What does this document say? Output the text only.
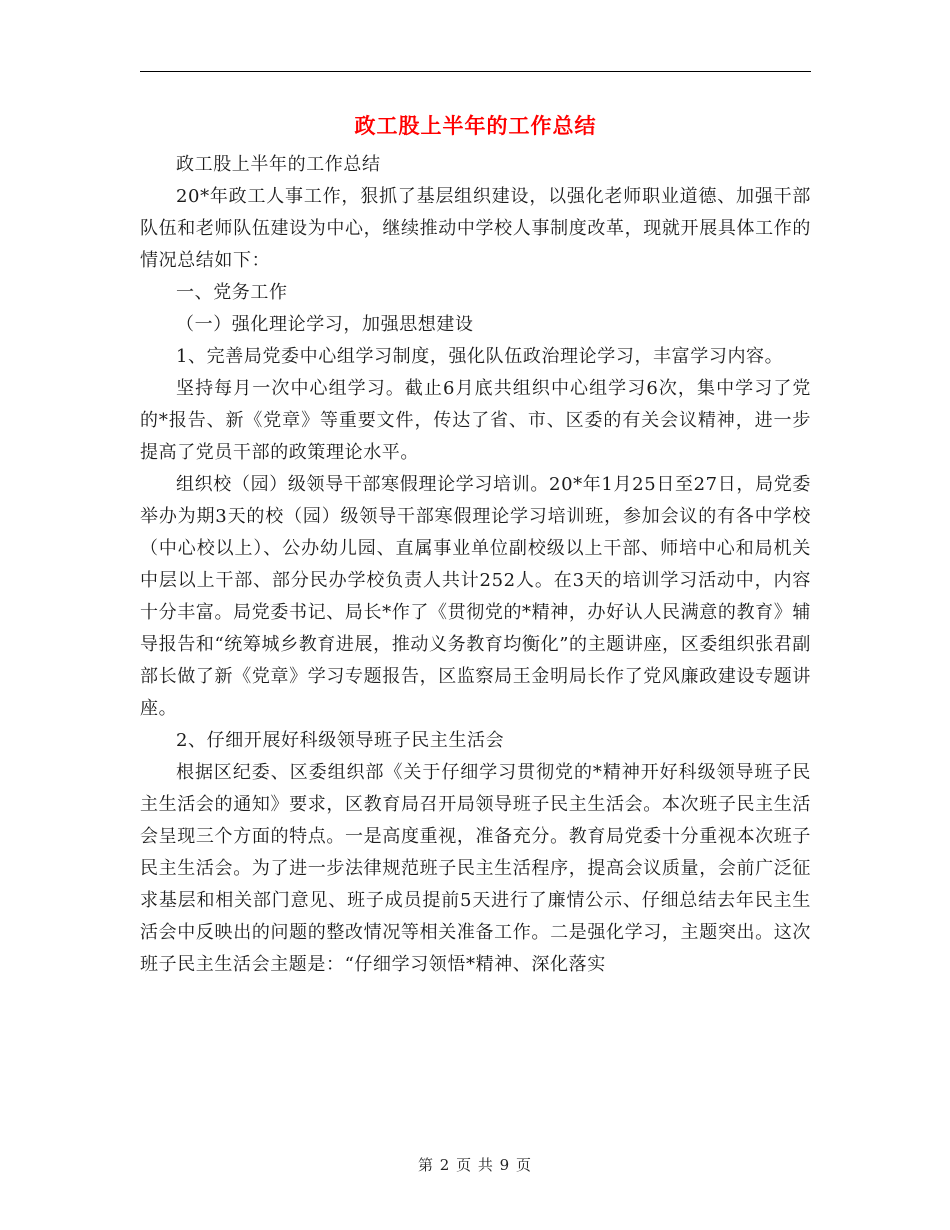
政工股上半年的工作总结

政工股上半年的工作总结

20*年政工人事工作，狠抓了基层组织建设，以强化老师职业道德、加强干部队伍和老师队伍建设为中心，继续推动中学校人事制度改革，现就开展具体工作的情况总结如下：

一、党务工作

（一）强化理论学习，加强思想建设

1、完善局党委中心组学习制度，强化队伍政治理论学习，丰富学习内容。

坚持每月一次中心组学习。截止6月底共组织中心组学习6次，集中学习了党的*报告、新《党章》等重要文件，传达了省、市、区委的有关会议精神，进一步提高了党员干部的政策理论水平。

组织校（园）级领导干部寒假理论学习培训。20*年1月25日至27日，局党委举办为期3天的校（园）级领导干部寒假理论学习培训班，参加会议的有各中学校（中心校以上）、公办幼儿园、直属事业单位副校级以上干部、师培中心和局机关中层以上干部、部分民办学校负责人共计252人。在3天的培训学习活动中，内容十分丰富。局党委书记、局长*作了《贯彻党的*精神，办好认人民满意的教育》辅导报告和“统筹城乡教育进展，推动义务教育均衡化”的主题讲座，区委组织张君副部长做了新《党章》学习专题报告，区监察局王金明局长作了党风廉政建设专题讲座。

2、仔细开展好科级领导班子民主生活会

根据区纪委、区委组织部《关于仔细学习贯彻党的*精神开好科级领导班子民主生活会的通知》要求，区教育局召开局领导班子民主生活会。本次班子民主生活会呈现三个方面的特点。一是高度重视，准备充分。教育局党委十分重视本次班子民主生活会。为了进一步法律规范班子民主生活程序，提高会议质量，会前广泛征求基层和相关部门意见、班子成员提前5天进行了廉情公示、仔细总结去年民主生活会中反映出的问题的整改情况等相关准备工作。二是强化学习，主题突出。这次班子民主生活会主题是：“仔细学习领悟*精神、深化落实

第 2 页 共 9 页
